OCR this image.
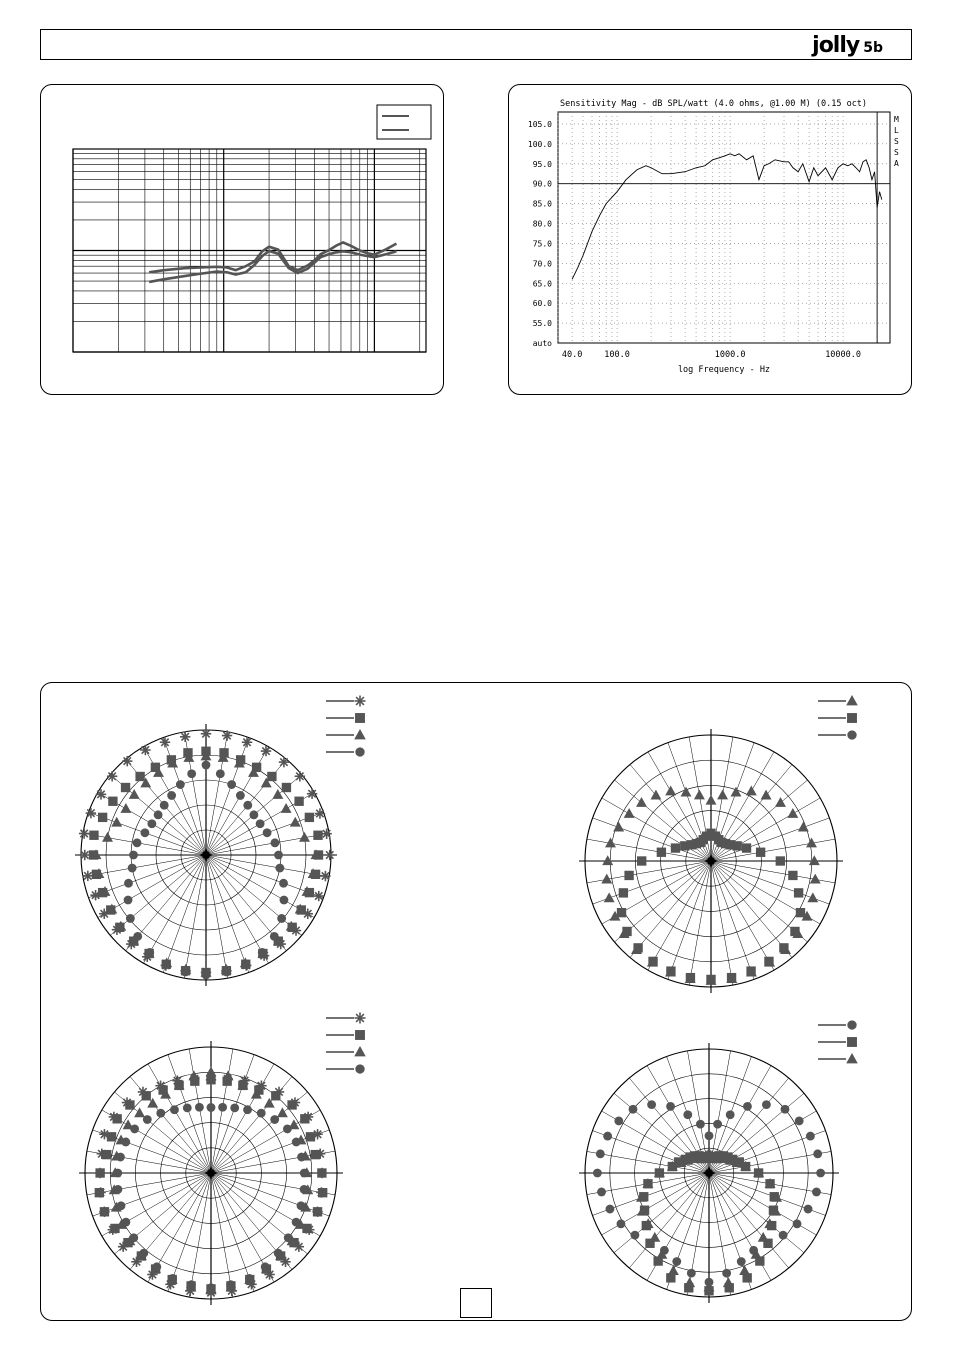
jolly 5b
105.0
100.0
95.0
90.0
85.0
80.0
75.0
70.0
65.0
60.0
55.0
auto
40.0	100.0	1000.0	10000.0
Sensitivity Mag - dB SPL/watt (4.0 ohms, @1.00 M) (0.15 oct)
log Frequency - Hz
M
L
S
S
A
